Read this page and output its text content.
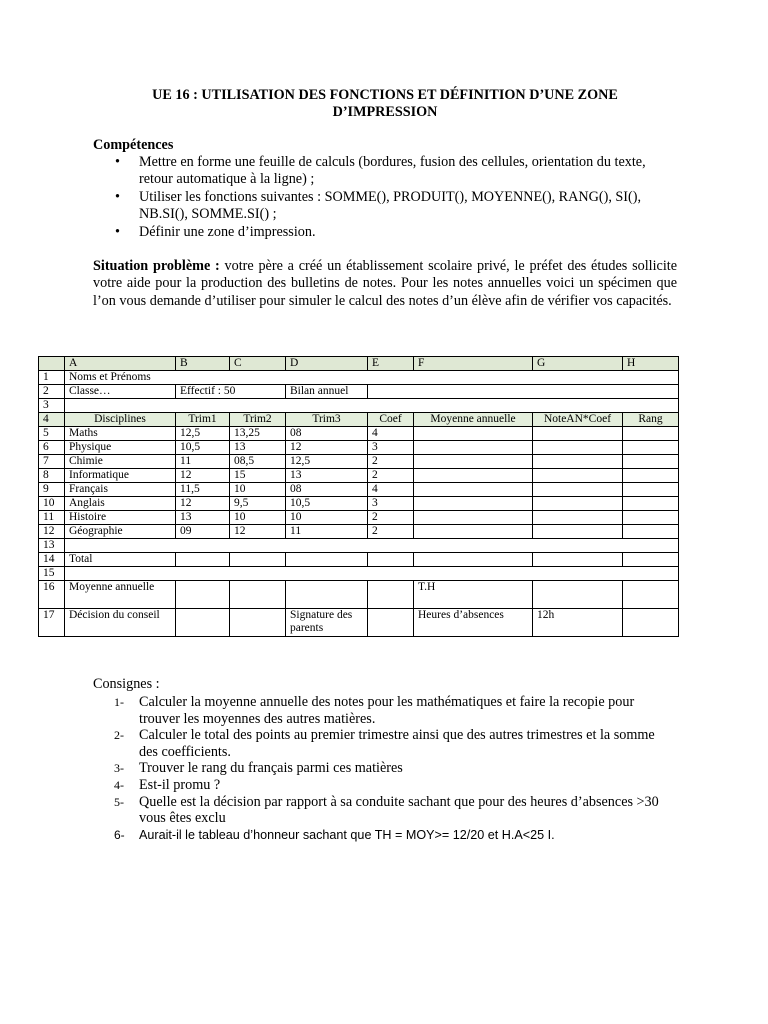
UE 16 : UTILISATION DES FONCTIONS ET DÉFINITION D’UNE ZONE
D’IMPRESSION
Compétences
• Mettre en forme une feuille de calculs (bordures, fusion des cellules, orientation du texte, retour automatique à la ligne) ;
• Utiliser les fonctions suivantes : SOMME(), PRODUIT(), MOYENNE(), RANG(), SI(), NB.SI(), SOMME.SI() ;
• Définir une zone d’impression.
Situation problème : votre père a créé un établissement scolaire privé, le préfet des études sollicite votre aide pour la production des bulletins de notes. Pour les notes annuelles voici un spécimen que l’on vous demande d’utiliser pour simuler le calcul des notes d’un élève afin de vérifier vos capacités.
	A	B	C	D	E	F	G	H
1	Noms et Prénoms							
2	Classe…	Effectif : 50		Bilan annuel				
3								
4	Disciplines	Trim1	Trim2	Trim3	Coef	Moyenne annuelle	NoteAN*Coef	Rang
5	Maths	12,5	13,25	08	4			
6	Physique	10,5	13	12	3			
7	Chimie	11	08,5	12,5	2			
8	Informatique	12	15	13	2			
9	Français	11,5	10	08	4			
10	Anglais	12	9,5	10,5	3			
11	Histoire	13	10	10	2			
12	Géographie	09	12	11	2			
13								
14	Total							
15								
16	Moyenne annuelle					T.H		
17	Décision du conseil			Signature des parents		Heures d’absences	12h	
Consignes :
1- Calculer la moyenne annuelle des notes pour les mathématiques et faire la recopie pour trouver les moyennes des autres matières.
2- Calculer le total des points au premier trimestre ainsi que des autres trimestres et la somme des coefficients.
3- Trouver le rang du français parmi ces matières
4- Est-il promu ?
5- Quelle est la décision par rapport à sa conduite sachant que pour des heures d’absences >30 vous êtes exclu
6- Aurait-il le tableau d’honneur sachant que TH = MOY>= 12/20 et H.A<25 I.
